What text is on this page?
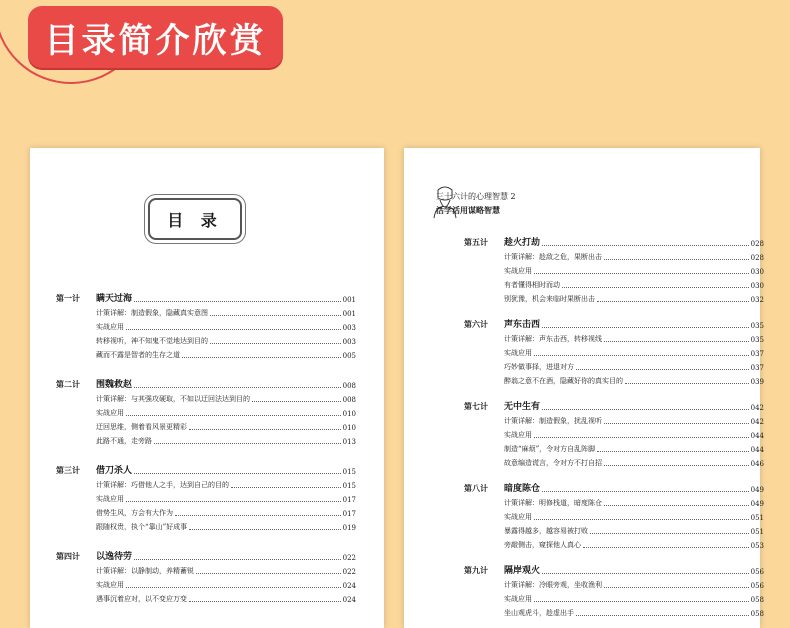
目录简介欣赏
目 录
第一计	瞒天过海	001
计策详解：制造假象，隐藏真实意图	001
实战应用	003
转移视听，神不知鬼不觉地达到目的	003
藏而不露是智者的生存之道	005
第二计	围魏救赵	008
计策详解：与其强攻硬取，不如以迂回法达到目的	008
实战应用	010
迂回思维，侧着看风景更精彩	010
此路不通，走旁路	013
第三计	借刀杀人	015
计策详解：巧借他人之手，达到自己的目的	015
实战应用	017
借势生风，方会有大作为	017
跟随权贵，执个“靠山”好成事	019
第四计	以逸待劳	022
计策详解：以静制动，养精蓄锐	022
实战应用	024
遇事沉着应对，以不变应万变	024
三十六计的心理智慧 2
活学活用谋略智慧
第五计	趁火打劫	028
计策详解：趁敌之危，果断出击	028
实战应用	030
有者懂得相时而动	030
别犹豫，机会来临时果断出击	032
第六计	声东击西	035
计策详解：声东击西，转移视线	035
实战应用	037
巧妙做事择，进退对方	037
醉翁之意不在酒，隐藏好你的真实目的	039
第七计	无中生有	042
计策详解：制造假象，扰乱视听	042
实战应用	044
制造“麻烦”，令对方自乱阵脚	044
故意编造谎言，令对方不打自招	046
第八计	暗度陈仓	049
计策详解：明修栈道，暗度陈仓	049
实战应用	051
暴露得越多，越容易被打败	051
旁敲侧击，窥探他人真心	053
第九计	隔岸观火	056
计策详解：冷眼旁观，坐收渔利	056
实战应用	058
坐山观虎斗，趁虚出手	058
